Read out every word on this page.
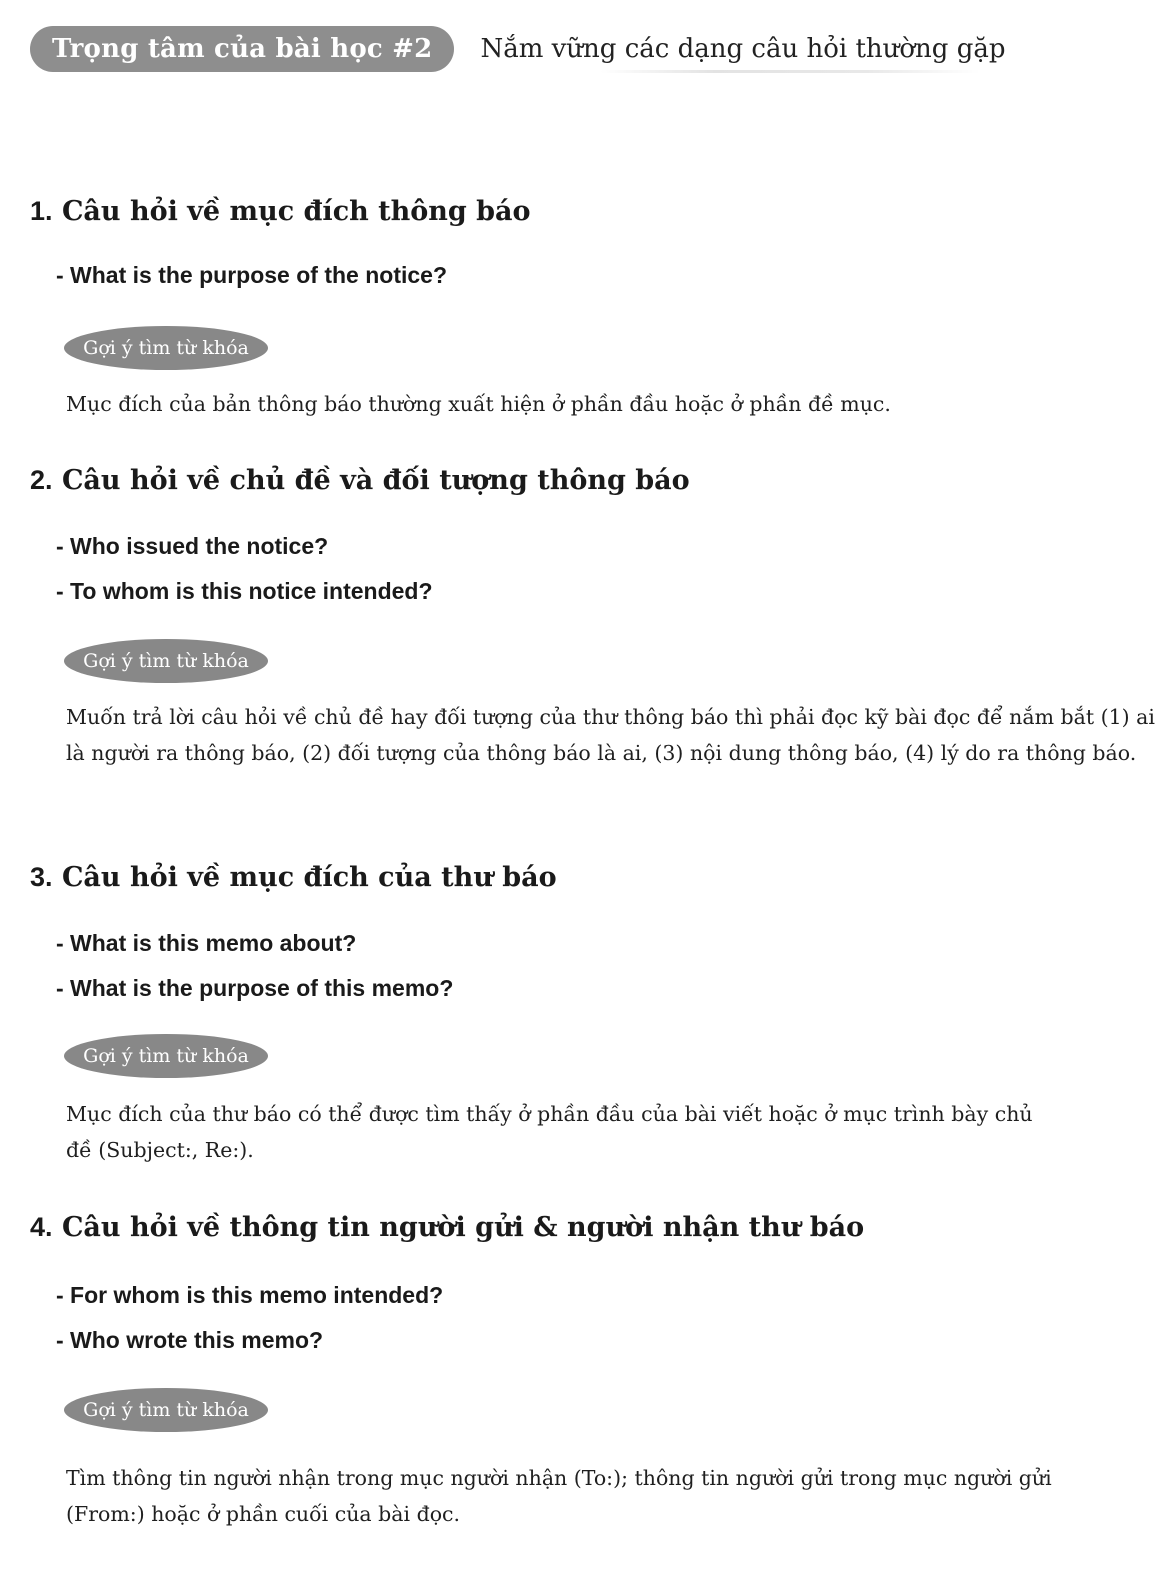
Trọng tâm của bài học #2	Nắm vững các dạng câu hỏi thường gặp
1. Câu hỏi về mục đích thông báo
- What is the purpose of the notice?
Gợi ý tìm từ khóa

Mục đích của bản thông báo thường xuất hiện ở phần đầu hoặc ở phần đề mục.

2. Câu hỏi về chủ đề và đối tượng thông báo
- Who issued the notice?
- To whom is this notice intended?
Gợi ý tìm từ khóa

Muốn trả lời câu hỏi về chủ đề hay đối tượng của thư thông báo thì phải đọc kỹ bài đọc để nắm bắt (1) ai là người ra thông báo, (2) đối tượng của thông báo là ai, (3) nội dung thông báo, (4) lý do ra thông báo.

3. Câu hỏi về mục đích của thư báo
- What is this memo about?
- What is the purpose of this memo?
Gợi ý tìm từ khóa

Mục đích của thư báo có thể được tìm thấy ở phần đầu của bài viết hoặc ở mục trình bày chủ đề (Subject:, Re:).

4. Câu hỏi về thông tin người gửi & người nhận thư báo
- For whom is this memo intended?
- Who wrote this memo?
Gợi ý tìm từ khóa

Tìm thông tin người nhận trong mục người nhận (To:); thông tin người gửi trong mục người gửi (From:) hoặc ở phần cuối của bài đọc.
